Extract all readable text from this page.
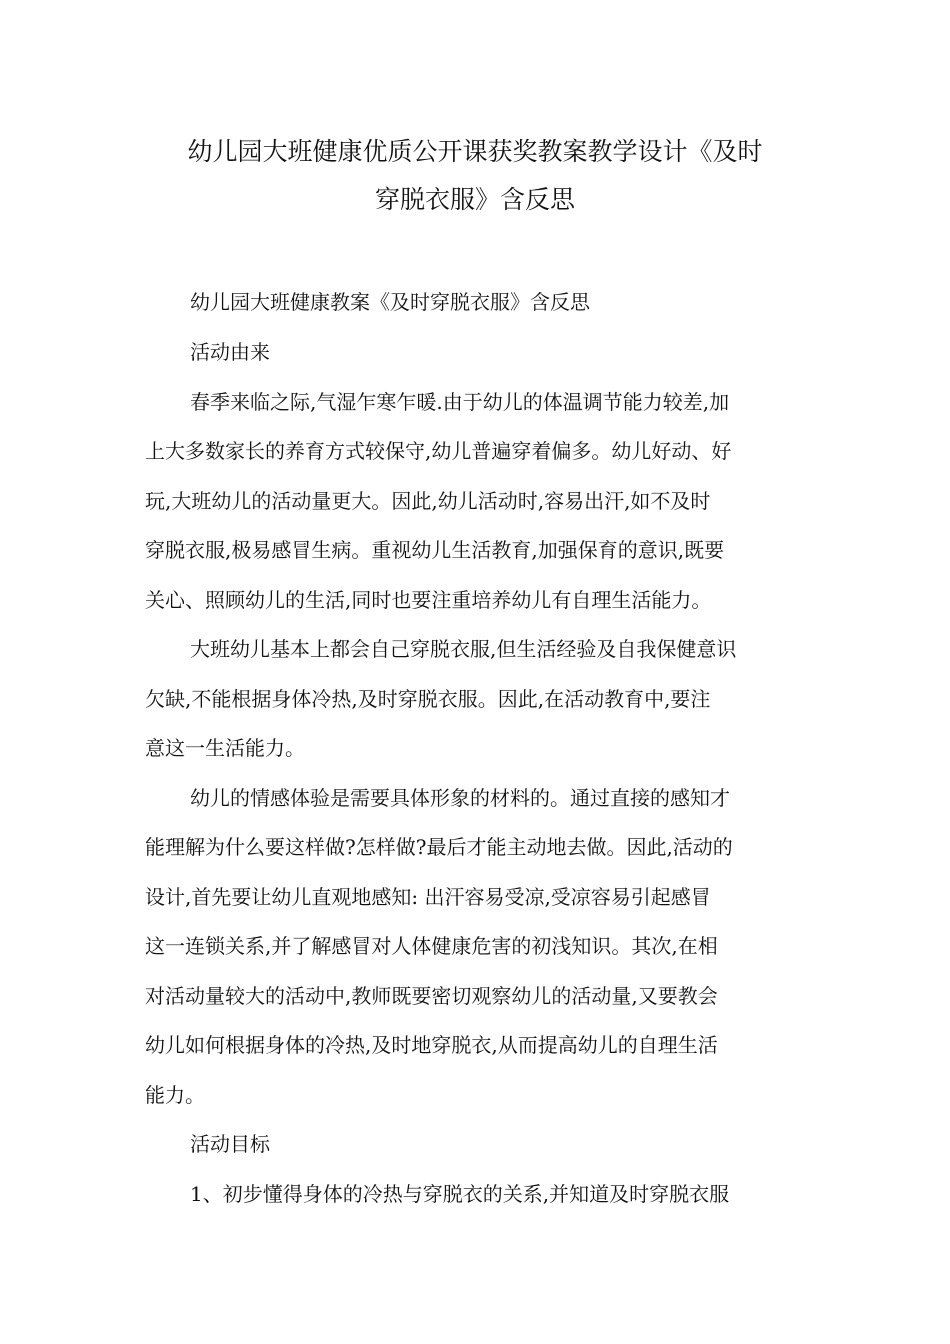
幼儿园大班健康优质公开课获奖教案教学设计《及时
穿脱衣服》含反思
幼儿园大班健康教案《及时穿脱衣服》含反思
活动由来
春季来临之际,气湿乍寒乍暖.由于幼儿的体温调节能力较差,加
上大多数家长的养育方式较保守,幼儿普遍穿着偏多。幼儿好动、好
玩,大班幼儿的活动量更大。因此,幼儿活动时,容易出汗,如不及时
穿脱衣服,极易感冒生病。重视幼儿生活教育,加强保育的意识,既要
关心、照顾幼儿的生活,同时也要注重培养幼儿有自理生活能力。
大班幼儿基本上都会自己穿脱衣服,但生活经验及自我保健意识
欠缺,不能根据身体冷热,及时穿脱衣服。因此,在活动教育中,要注
意这一生活能力。
幼儿的情感体验是需要具体形象的材料的。通过直接的感知才
能理解为什么要这样做?怎样做?最后才能主动地去做。因此,活动的
设计,首先要让幼儿直观地感知: 出汗容易受凉,受凉容易引起感冒
这一连锁关系,并了解感冒对人体健康危害的初浅知识。其次,在相
对活动量较大的活动中,教师既要密切观察幼儿的活动量,又要教会
幼儿如何根据身体的冷热,及时地穿脱衣,从而提高幼儿的自理生活
能力。
活动目标
1、初步懂得身体的冷热与穿脱衣的关系,并知道及时穿脱衣服
